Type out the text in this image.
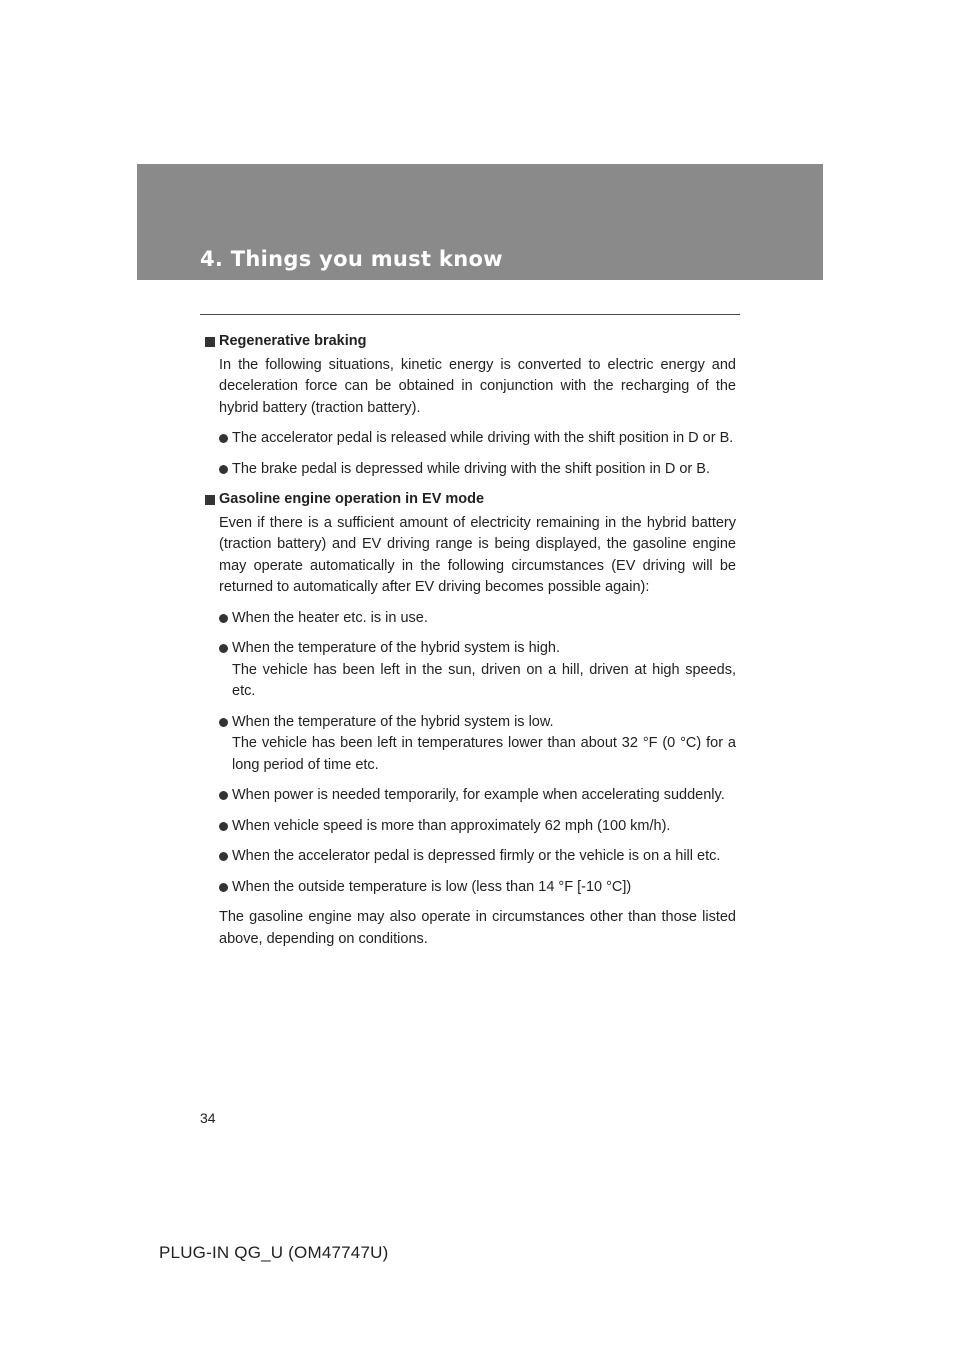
4. Things you must know
Regenerative braking
In the following situations, kinetic energy is converted to electric energy and deceleration force can be obtained in conjunction with the recharging of the hybrid battery (traction battery).
The accelerator pedal is released while driving with the shift position in D or B.
The brake pedal is depressed while driving with the shift position in D or B.
Gasoline engine operation in EV mode
Even if there is a sufficient amount of electricity remaining in the hybrid battery (traction battery) and EV driving range is being displayed, the gasoline engine may operate automatically in the following circumstances (EV driving will be returned to automatically after EV driving becomes possible again):
When the heater etc. is in use.
When the temperature of the hybrid system is high.
The vehicle has been left in the sun, driven on a hill, driven at high speeds, etc.
When the temperature of the hybrid system is low.
The vehicle has been left in temperatures lower than about 32 °F (0 °C) for a long period of time etc.
When power is needed temporarily, for example when accelerating suddenly.
When vehicle speed is more than approximately 62 mph (100 km/h).
When the accelerator pedal is depressed firmly or the vehicle is on a hill etc.
When the outside temperature is low (less than 14 °F [-10 °C])
The gasoline engine may also operate in circumstances other than those listed above, depending on conditions.
34
PLUG-IN QG_U (OM47747U)
